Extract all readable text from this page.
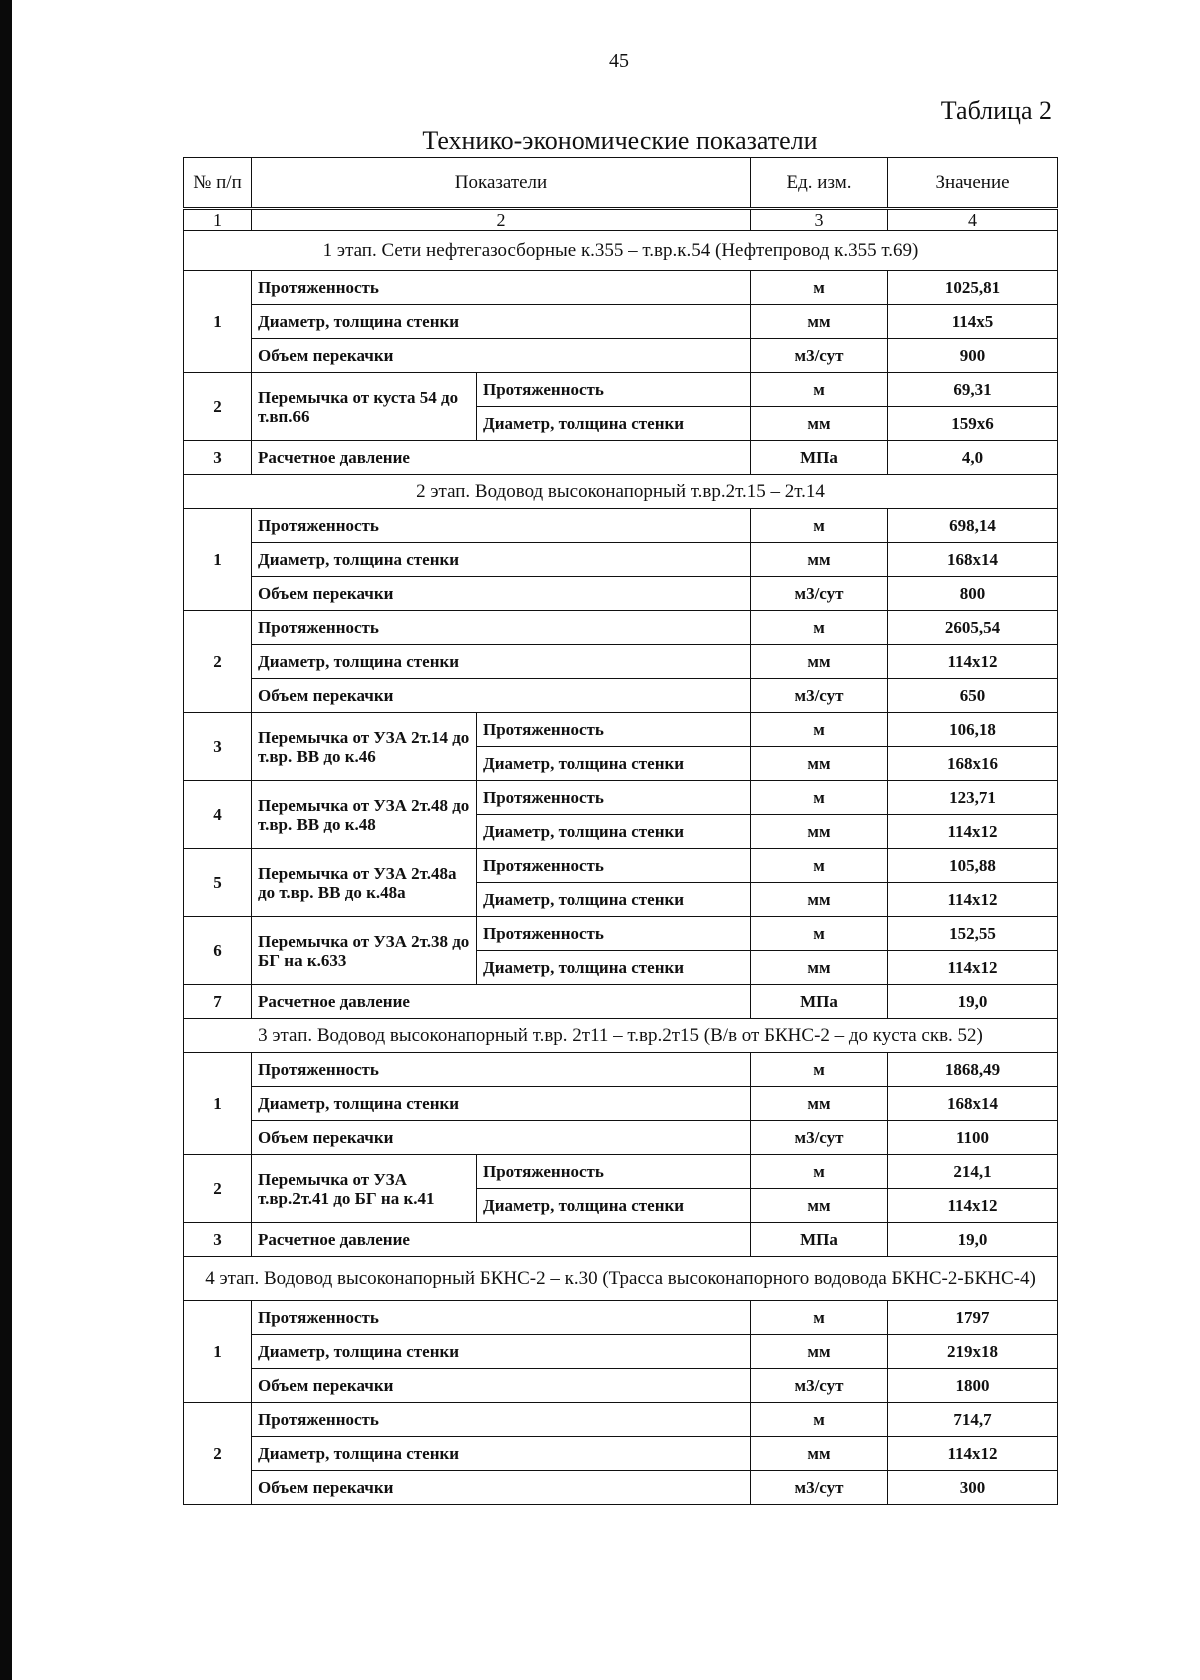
45
Таблица 2
Технико-экономические показатели
№ п/п	Показатели		Ед. изм.	Значение
1	2		3	4
1 этап. Сети нефтегазосборные к.355 – т.вр.к.54 (Нефтепровод к.355 т.69)				
1	Протяженность		м	1025,81
	Диаметр, толщина стенки		мм	114х5
	Объем перекачки		м3/сут	900
2	Перемычка от куста 54 до т.вп.66	Протяженность	м	69,31
		Диаметр, толщина стенки	мм	159х6
3	Расчетное давление		МПа	4,0
2 этап. Водовод высоконапорный т.вр.2т.15 – 2т.14				
1	Протяженность		м	698,14
	Диаметр, толщина стенки		мм	168х14
	Объем перекачки		м3/сут	800
2	Протяженность		м	2605,54
	Диаметр, толщина стенки		мм	114х12
	Объем перекачки		м3/сут	650
3	Перемычка от УЗА 2т.14 до т.вр. ВВ до к.46	Протяженность	м	106,18
		Диаметр, толщина стенки	мм	168х16
4	Перемычка от УЗА 2т.48 до т.вр. ВВ до к.48	Протяженность	м	123,71
		Диаметр, толщина стенки	мм	114х12
5	Перемычка от УЗА 2т.48а до т.вр. ВВ до к.48а	Протяженность	м	105,88
		Диаметр, толщина стенки	мм	114х12
6	Перемычка от УЗА 2т.38 до БГ на к.633	Протяженность	м	152,55
		Диаметр, толщина стенки	мм	114х12
7	Расчетное давление		МПа	19,0
3 этап. Водовод высоконапорный т.вр. 2т11 – т.вр.2т15 (В/в от БКНС-2 – до куста скв. 52)				
1	Протяженность		м	1868,49
	Диаметр, толщина стенки		мм	168х14
	Объем перекачки		м3/сут	1100
2	Перемычка от УЗА т.вр.2т.41 до БГ на к.41	Протяженность	м	214,1
		Диаметр, толщина стенки	мм	114х12
3	Расчетное давление		МПа	19,0
4 этап. Водовод высоконапорный БКНС-2 – к.30 (Трасса высоконапорного водовода БКНС-2-БКНС-4)				
1	Протяженность		м	1797
	Диаметр, толщина стенки		мм	219х18
	Объем перекачки		м3/сут	1800
2	Протяженность		м	714,7
	Диаметр, толщина стенки		мм	114х12
	Объем перекачки		м3/сут	300
